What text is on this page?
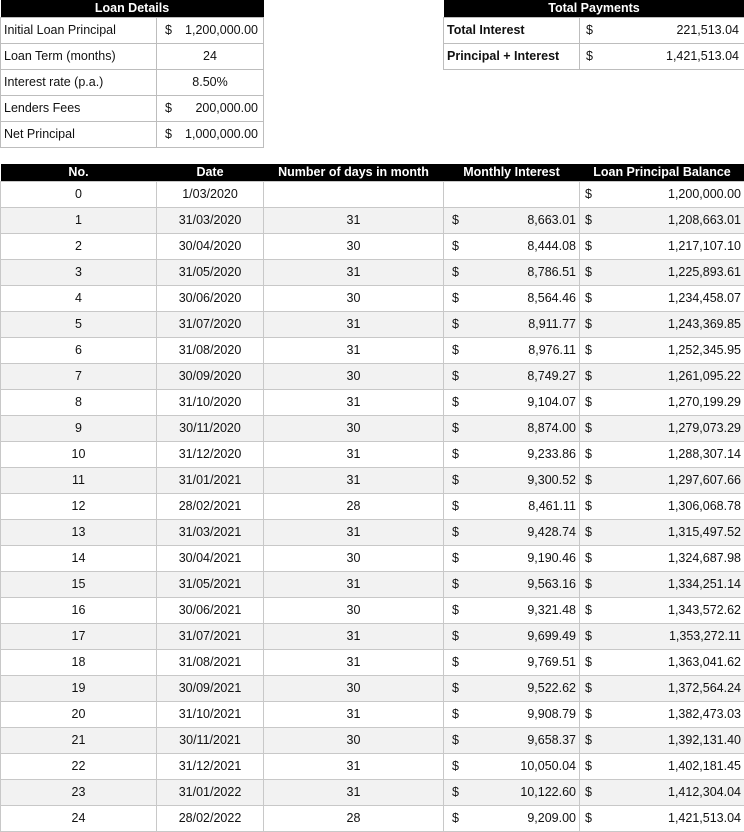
Loan Details	
Initial Loan Principal	$ 1,200,000.00

Loan Term (months)	24
Interest rate (p.a.)	8.50%
Lenders Fees	$ 200,000.00

Net Principal	$ 1,000,000.00
Total Payments	
Total Interest	$ 221,513.04

Principal + Interest	$ 1,421,513.04
No.	Date	Number of days in month	Monthly Interest	Loan Principal Balance
0	1/03/2020			$ 1,200,000.00

1	31/03/2020	31	$ 8,663.01	$ 1,208,663.01

2	30/04/2020	30	$ 8,444.08	$ 1,217,107.10

3	31/05/2020	31	$ 8,786.51	$ 1,225,893.61

4	30/06/2020	30	$ 8,564.46	$ 1,234,458.07

5	31/07/2020	31	$ 8,911.77	$ 1,243,369.85

6	31/08/2020	31	$ 8,976.11	$ 1,252,345.95

7	30/09/2020	30	$ 8,749.27	$ 1,261,095.22

8	31/10/2020	31	$ 9,104.07	$ 1,270,199.29

9	30/11/2020	30	$ 8,874.00	$ 1,279,073.29

10	31/12/2020	31	$ 9,233.86	$ 1,288,307.14

11	31/01/2021	31	$ 9,300.52	$ 1,297,607.66

12	28/02/2021	28	$ 8,461.11	$ 1,306,068.78

13	31/03/2021	31	$ 9,428.74	$ 1,315,497.52

14	30/04/2021	30	$ 9,190.46	$ 1,324,687.98

15	31/05/2021	31	$ 9,563.16	$ 1,334,251.14

16	30/06/2021	30	$ 9,321.48	$ 1,343,572.62

17	31/07/2021	31	$ 9,699.49	$ 1,353,272.11

18	31/08/2021	31	$ 9,769.51	$ 1,363,041.62

19	30/09/2021	30	$ 9,522.62	$ 1,372,564.24

20	31/10/2021	31	$ 9,908.79	$ 1,382,473.03

21	30/11/2021	30	$ 9,658.37	$ 1,392,131.40

22	31/12/2021	31	$ 10,050.04	$ 1,402,181.45

23	31/01/2022	31	$ 10,122.60	$ 1,412,304.04

24	28/02/2022	28	$ 9,209.00	$ 1,421,513.04
